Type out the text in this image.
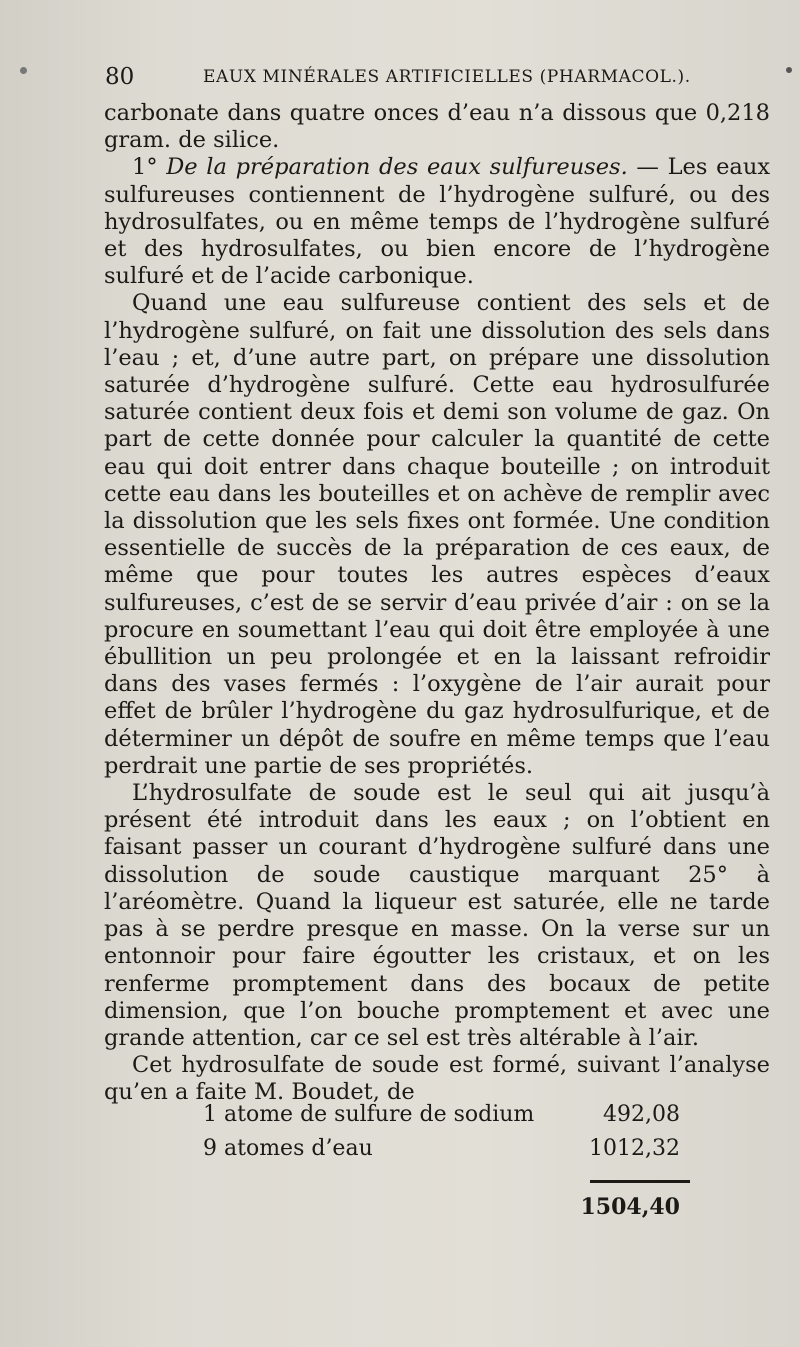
80	EAUX MINÉRALES ARTIFICIELLES (PHARMACOL.).

carbonate dans quatre onces d’eau n’a dissous que 0,218 gram. de silice.

1° De la préparation des eaux sulfureuses. — Les eaux sulfureuses contiennent de l’hydrogène sulfuré, ou des hydrosulfates, ou en même temps de l’hydrogène sulfuré et des hydrosulfates, ou bien encore de l’hydrogène sulfuré et de l’acide carbonique.

Quand une eau sulfureuse contient des sels et de l’hydrogène sulfuré, on fait une dissolution des sels dans l’eau ; et, d’une autre part, on prépare une dissolution saturée d’hydrogène sulfuré. Cette eau hydrosulfurée saturée contient deux fois et demi son volume de gaz. On part de cette donnée pour calculer la quantité de cette eau qui doit entrer dans chaque bouteille ; on introduit cette eau dans les bouteilles et on achève de remplir avec la dissolution que les sels fixes ont formée. Une condition essentielle de succès de la préparation de ces eaux, de même que pour toutes les autres espèces d’eaux sulfureuses, c’est de se servir d’eau privée d’air : on se la procure en soumettant l’eau qui doit être employée à une ébullition un peu prolongée et en la laissant refroidir dans des vases fermés : l’oxygène de l’air aurait pour effet de brûler l’hydrogène du gaz hydrosulfurique, et de déterminer un dépôt de soufre en même temps que l’eau perdrait une partie de ses propriétés.

L’hydrosulfate de soude est le seul qui ait jusqu’à présent été introduit dans les eaux ; on l’obtient en faisant passer un courant d’hydrogène sulfuré dans une dissolution de soude caustique marquant 25° à l’aréomètre. Quand la liqueur est saturée, elle ne tarde pas à se perdre presque en masse. On la verse sur un entonnoir pour faire égoutter les cristaux, et on les renferme promptement dans des bocaux de petite dimension, que l’on bouche promptement et avec une grande attention, car ce sel est très altérable à l’air.

Cet hydrosulfate de soude est formé, suivant l’analyse qu’en a faite M. Boudet, de

1 atome de sulfure de sodium	492,08
9 atomes d’eau	1012,32
1504,40
